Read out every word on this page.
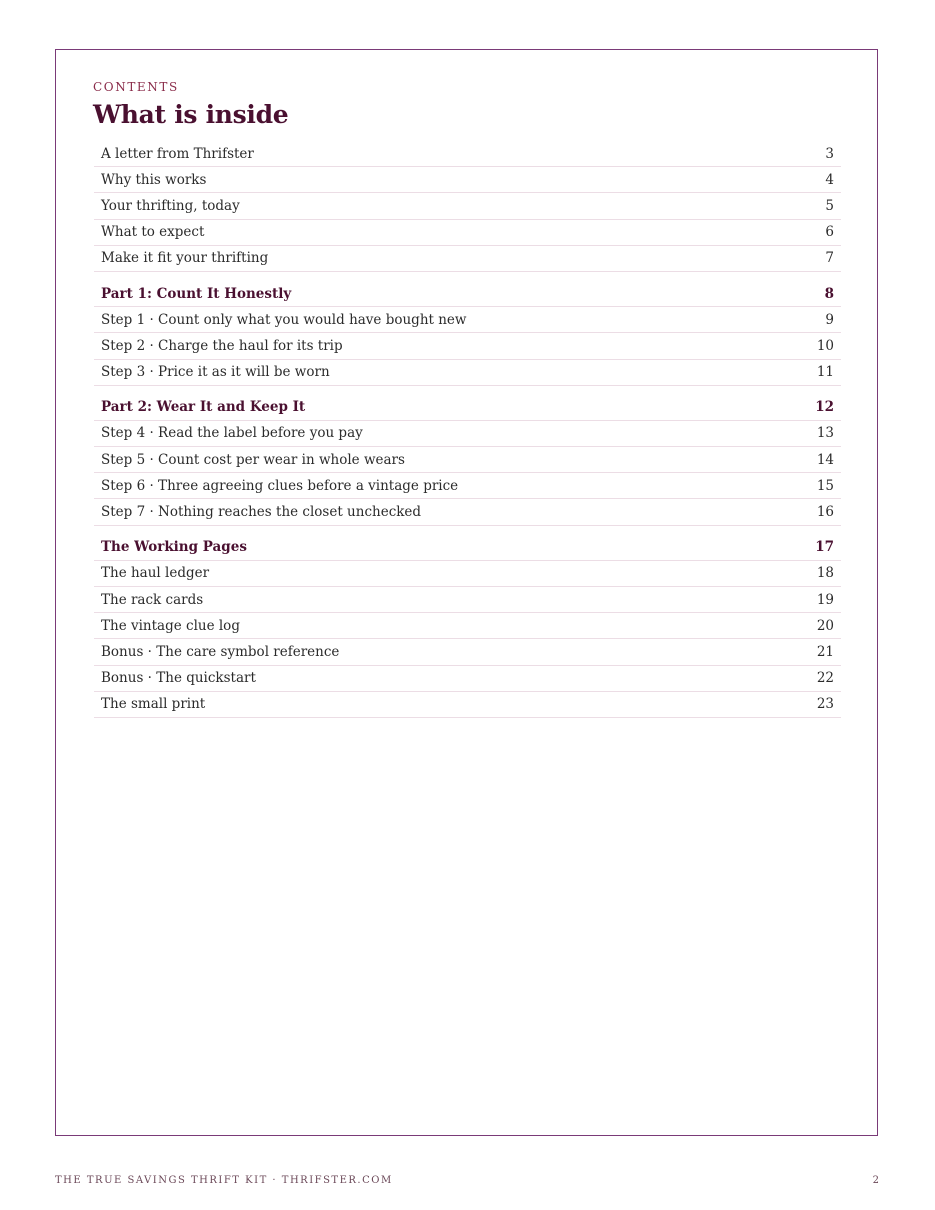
CONTENTS
What is inside
A letter from Thrifster	3
Why this works	4
Your thrifting, today	5
What to expect	6
Make it fit your thrifting	7
Part 1: Count It Honestly	8
Step 1 · Count only what you would have bought new	9
Step 2 · Charge the haul for its trip	10
Step 3 · Price it as it will be worn	11
Part 2: Wear It and Keep It	12
Step 4 · Read the label before you pay	13
Step 5 · Count cost per wear in whole wears	14
Step 6 · Three agreeing clues before a vintage price	15
Step 7 · Nothing reaches the closet unchecked	16
The Working Pages	17
The haul ledger	18
The rack cards	19
The vintage clue log	20
Bonus · The care symbol reference	21
Bonus · The quickstart	22
The small print	23
THE TRUE SAVINGS THRIFT KIT · THRIFSTER.COM	2
